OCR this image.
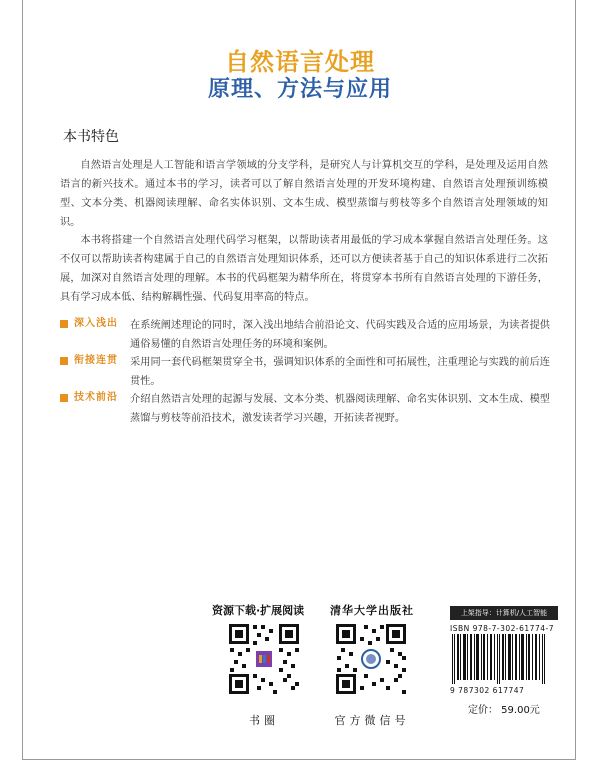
自然语言处理
原理、方法与应用
本书特色
自然语言处理是人工智能和语言学领域的分支学科，是研究人与计算机交互的学科，是处理及运用自然语言的新兴技术。通过本书的学习，读者可以了解自然语言处理的开发环境构建、自然语言处理预训练模型、文本分类、机器阅读理解、命名实体识别、文本生成、模型蒸馏与剪枝等多个自然语言处理领域的知识。
本书将搭建一个自然语言处理代码学习框架，以帮助读者用最低的学习成本掌握自然语言处理任务。这不仅可以帮助读者构建属于自己的自然语言处理知识体系，还可以方便读者基于自己的知识体系进行二次拓展，加深对自然语言处理的理解。本书的代码框架为精华所在，将贯穿本书所有自然语言处理的下游任务，具有学习成本低、结构解耦性强、代码复用率高的特点。
深入浅出 在系统阐述理论的同时，深入浅出地结合前沿论文、代码实践及合适的应用场景，为读者提供通俗易懂的自然语言处理任务的环境和案例。
衔接连贯 采用同一套代码框架贯穿全书，强调知识体系的全面性和可拓展性，注重理论与实践的前后连贯性。
技术前沿 介绍自然语言处理的起源与发展、文本分类、机器阅读理解、命名实体识别、文本生成、模型蒸馏与剪枝等前沿技术，激发读者学习兴趣，开拓读者视野。
资源下载·扩展阅读 清华大学出版社
书圈	官方微信号
上架指导：计算机/人工智能
ISBN 978-7-302-61774-7
9 787302 617747
定价： 59.00元
